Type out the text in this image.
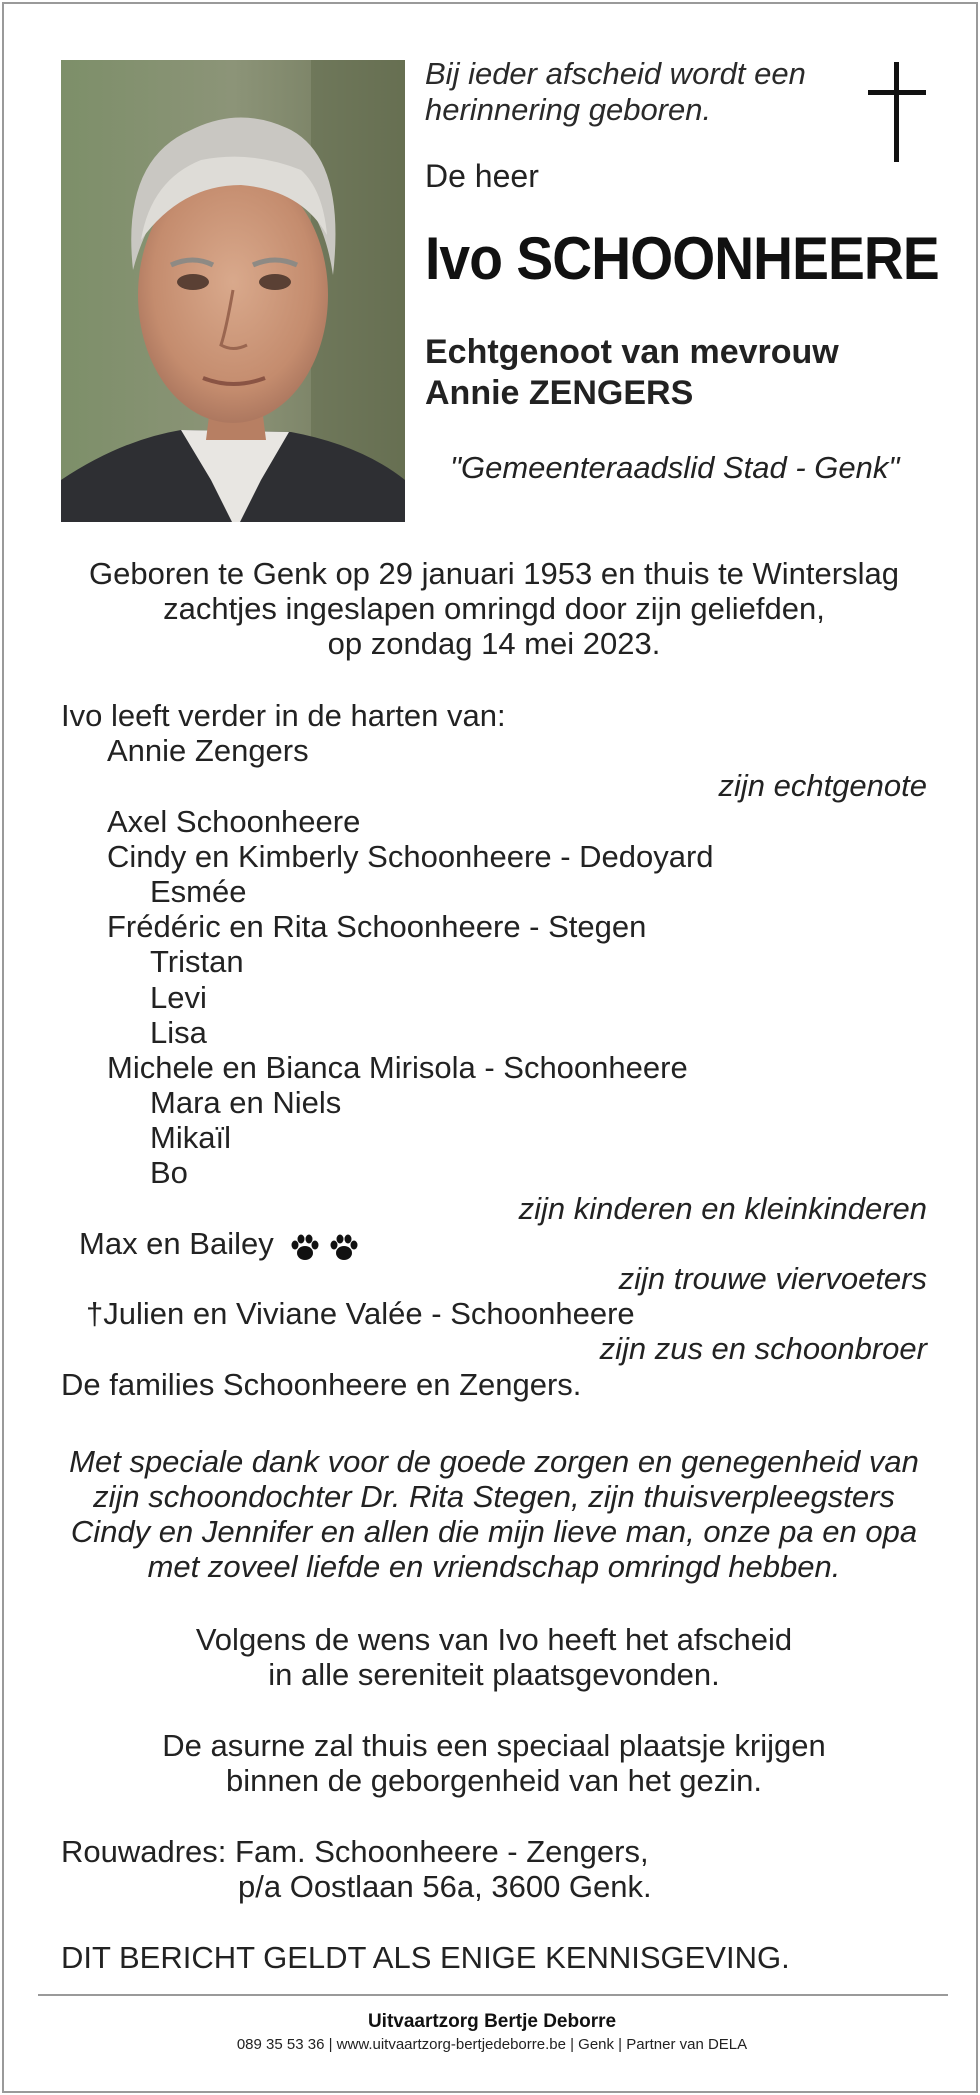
Bij ieder afscheid wordt een
herinnering geboren.
De heer
Ivo SCHOONHEERE
Echtgenoot van mevrouw
Annie ZENGERS
"Gemeenteraadslid Stad - Genk"
Geboren te Genk op 29 januari 1953 en thuis te Winterslag
zachtjes ingeslapen omringd door zijn geliefden,
op zondag 14 mei 2023.
Ivo leeft verder in de harten van:
Annie Zengers
zijn echtgenote
Axel Schoonheere
Cindy en Kimberly Schoonheere - Dedoyard
Esmée
Frédéric en Rita Schoonheere - Stegen
Tristan
Levi
Lisa
Michele en Bianca Mirisola - Schoonheere
Mara en Niels
Mikaïl
Bo
zijn kinderen en kleinkinderen
Max en Bailey
zijn trouwe viervoeters
†Julien en Viviane Valée - Schoonheere
zijn zus en schoonbroer
De families Schoonheere en Zengers.
Met speciale dank voor de goede zorgen en genegenheid van
zijn schoondochter Dr. Rita Stegen, zijn thuisverpleegsters
Cindy en Jennifer en allen die mijn lieve man, onze pa en opa
met zoveel liefde en vriendschap omringd hebben.
Volgens de wens van Ivo heeft het afscheid
in alle sereniteit plaatsgevonden.
De asurne zal thuis een speciaal plaatsje krijgen
binnen de geborgenheid van het gezin.
Rouwadres: Fam. Schoonheere - Zengers,
p/a Oostlaan 56a, 3600 Genk.
DIT BERICHT GELDT ALS ENIGE KENNISGEVING.
Uitvaartzorg Bertje Deborre
089 35 53 36 | www.uitvaartzorg-bertjedeborre.be | Genk | Partner van DELA
